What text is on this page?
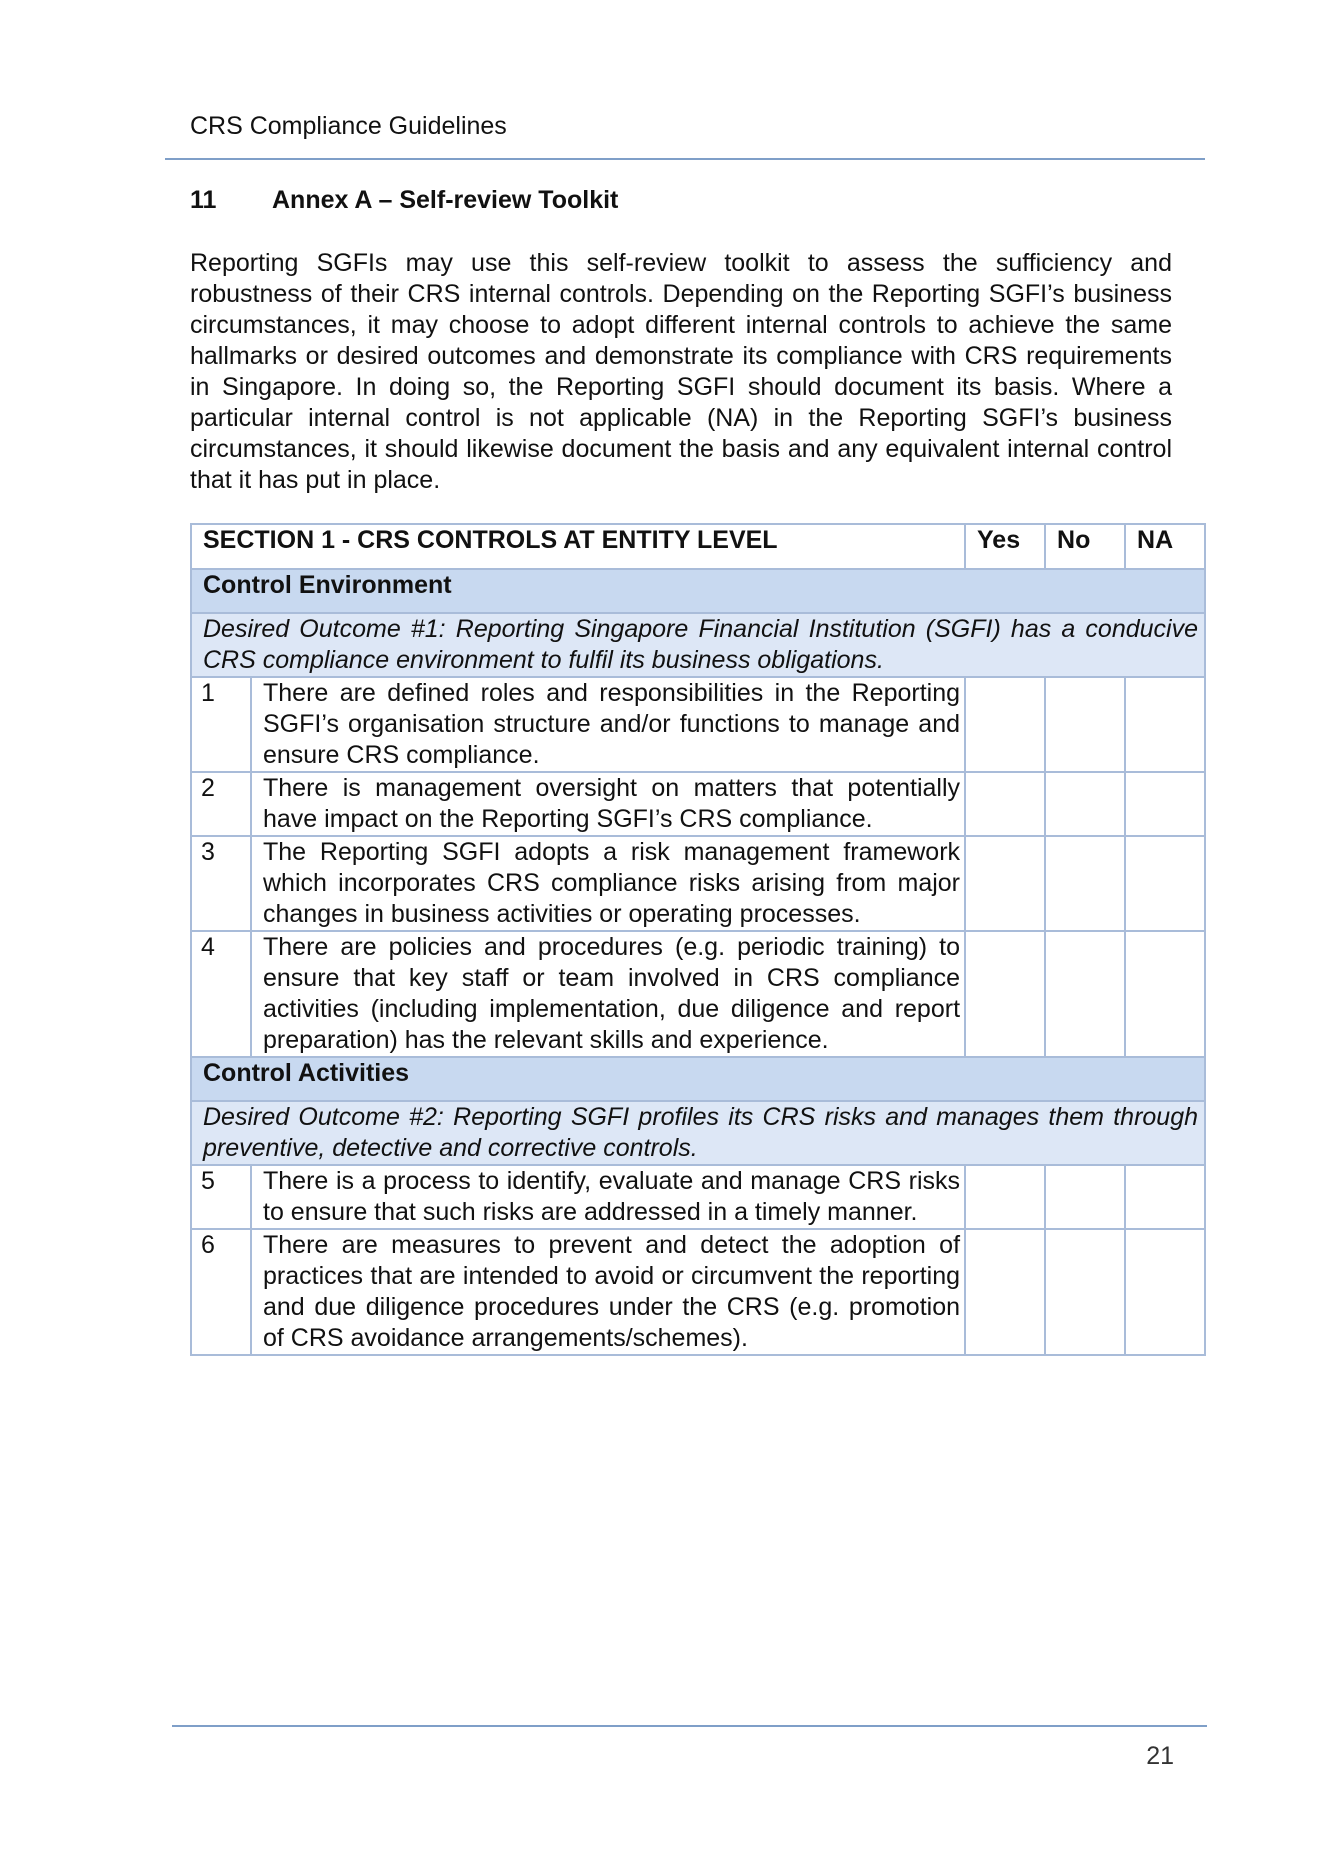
CRS Compliance Guidelines
11 Annex A – Self-review Toolkit

Reporting SGFIs may use this self-review toolkit to assess the sufficiency and robustness of their CRS internal controls. Depending on the Reporting SGFI’s business circumstances, it may choose to adopt different internal controls to achieve the same hallmarks or desired outcomes and demonstrate its compliance with CRS requirements in Singapore. In doing so, the Reporting SGFI should document its basis. Where a particular internal control is not applicable (NA) in the Reporting SGFI’s business circumstances, it should likewise document the basis and any equivalent internal control that it has put in place.

SECTION 1 - CRS CONTROLS AT ENTITY LEVEL		Yes	No	NA
Control Environment				
Desired Outcome #1: Reporting Singapore Financial Institution (SGFI) has a conducive CRS compliance environment to fulfil its business obligations.				
1	There are defined roles and responsibilities in the Reporting SGFI’s organisation structure and/or functions to manage and ensure CRS compliance.			
2	There is management oversight on matters that potentially have impact on the Reporting SGFI’s CRS compliance.			
3	The Reporting SGFI adopts a risk management framework which incorporates CRS compliance risks arising from major changes in business activities or operating processes.			
4	There are policies and procedures (e.g. periodic training) to ensure that key staff or team involved in CRS compliance activities (including implementation, due diligence and report preparation) has the relevant skills and experience.			
Control Activities				
Desired Outcome #2: Reporting SGFI profiles its CRS risks and manages them through preventive, detective and corrective controls.				
5	There is a process to identify, evaluate and manage CRS risks to ensure that such risks are addressed in a timely manner.			
6	There are measures to prevent and detect the adoption of practices that are intended to avoid or circumvent the reporting and due diligence procedures under the CRS (e.g. promotion of CRS avoidance arrangements/schemes).			
21
